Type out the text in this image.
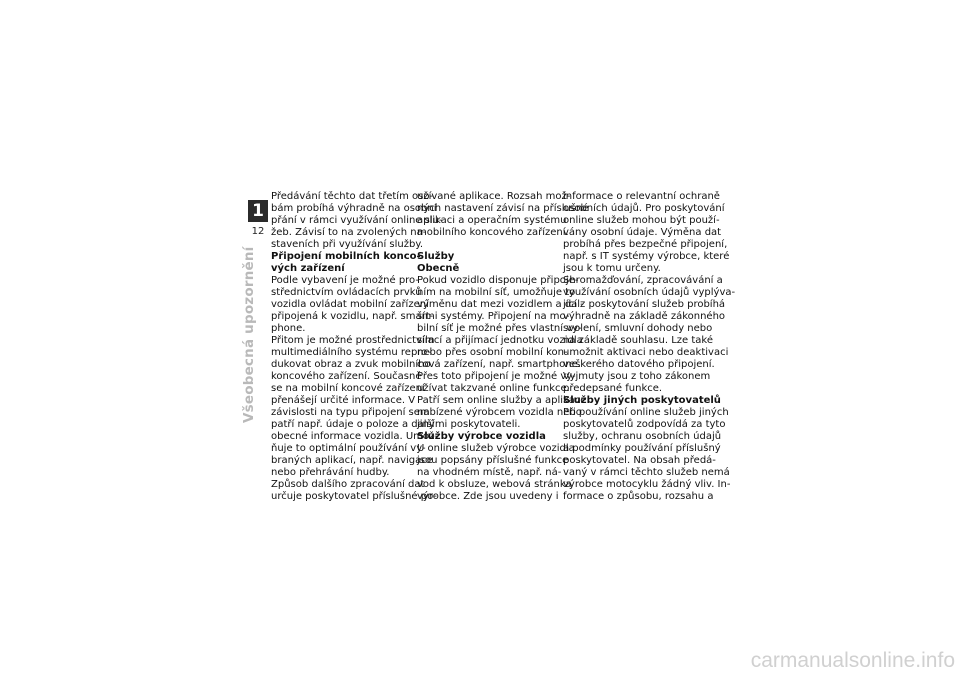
1
12
Všeobecná upozornění
Předávání těchto dat třetím oso-
bám probíhá výhradně na osobní
přání v rámci využívání online slu-
žeb. Závisí to na zvolených na-
staveních při využívání služby.
Připojení mobilních konco-
vých zařízení
Podle vybavení je možné pro-
střednictvím ovládacích prvků
vozidla ovládat mobilní zařízení
připojená k vozidlu, např. smart-
phone.
Přitom je možné prostřednictvím
multimediálního systému repro-
dukovat obraz a zvuk mobilního
koncového zařízení. Současně
se na mobilní koncové zařízení
přenášejí určité informace. V
závislosti na typu připojení sem
patří např. údaje o poloze a další
obecné informace vozidla. Umož-
ňuje to optimální používání vy-
braných aplikací, např. navigace
nebo přehrávání hudby.
Způsob dalšího zpracování dat
určuje poskytovatel příslušné po-
užívané aplikace. Rozsah mož-
ných nastavení závisí na příslušné
aplikaci a operačním systému
mobilního koncového zařízení.
Služby
Obecně
Pokud vozidlo disponuje připoje-
ním na mobilní síť, umožňuje to
výměnu dat mezi vozidlem a dal-
šími systémy. Připojení na mo-
bilní síť je možné přes vlastní vy-
sílací a přijímací jednotku vozidla
nebo přes osobní mobilní kon-
cová zařízení, např. smartphone.
Přes toto připojení je možné vy-
užívat takzvané online funkce.
Patří sem online služby a aplikace
nabízené výrobcem vozidla nebo
jinými poskytovateli.
Služby výrobce vozidla
U online služeb výrobce vozidla
jsou popsány příslušné funkce
na vhodném místě, např. ná-
vod k obsluze, webová stránka
výrobce. Zde jsou uvedeny i
informace o relevantní ochraně
osobních údajů. Pro poskytování
online služeb mohou být použí-
vány osobní údaje. Výměna dat
probíhá přes bezpečné připojení,
např. s IT systémy výrobce, které
jsou k tomu určeny.
Shromažďování, zpracovávání a
využívání osobních údajů vyplýva-
jící z poskytování služeb probíhá
výhradně na základě zákonného
svolení, smluvní dohody nebo
na základě souhlasu. Lze také
umožnit aktivaci nebo deaktivaci
veškerého datového připojení.
Vyjmuty jsou z toho zákonem
předepsané funkce.
Služby jiných poskytovatelů
Při používání online služeb jiných
poskytovatelů zodpovídá za tyto
služby, ochranu osobních údajů
a podmínky používání příslušný
poskytovatel. Na obsah předá-
vaný v rámci těchto služeb nemá
výrobce motocyklu žádný vliv. In-
formace o způsobu, rozsahu a
carmanualsonline.info
